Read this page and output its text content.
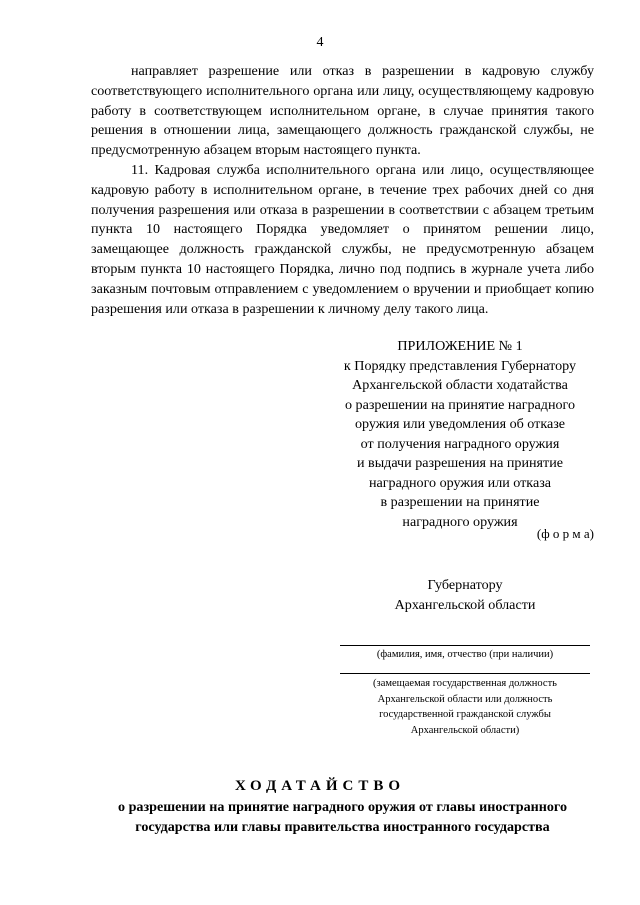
4

направляет разрешение или отказ в разрешении в кадровую службу соответствующего исполнительного органа или лицу, осуществляющему кадровую работу в соответствующем исполнительном органе, в случае принятия такого решения в отношении лица, замещающего должность гражданской службы, не предусмотренную абзацем вторым настоящего пункта.

11. Кадровая служба исполнительного органа или лицо, осуществляющее кадровую работу в исполнительном органе, в течение трех рабочих дней со дня получения разрешения или отказа в разрешении в соответствии с абзацем третьим пункта 10 настоящего Порядка уведомляет о принятом решении лицо, замещающее должность гражданской службы, не предусмотренную абзацем вторым пункта 10 настоящего Порядка, лично под подпись в журнале учета либо заказным почтовым отправлением с уведомлением о вручении и приобщает копию разрешения или отказа в разрешении к личному делу такого лица.

ПРИЛОЖЕНИЕ № 1
к Порядку представления Губернатору
Архангельской области ходатайства
о разрешении на принятие наградного
оружия или уведомления об отказе
от получения наградного оружия
и выдачи разрешения на принятие
наградного оружия или отказа
в разрешении на принятие
наградного оружия
(ф о р м а)
Губернатору
Архангельской области
(фамилия, имя, отчество (при наличии)
(замещаемая государственная должность
Архангельской области или должность
государственной гражданской службы
Архангельской области)
ХОДАТАЙСТВО
о разрешении на принятие наградного оружия от главы иностранного
государства или главы правительства иностранного государства
